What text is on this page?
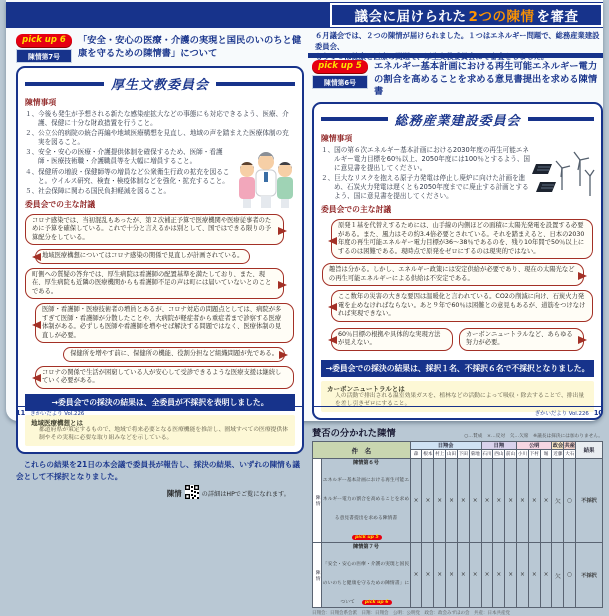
議会に届けられた 2つの陳情 を審査
６月議会では、２つの陳情が届けられました。１つはエネルギー問題で、総務産業建設委員会、
pick up 6
陳情第7号
「安全・安心の医療・介護の実現と国民のいのちと健康を守るための陳情書」について
厚生文教委員会
陳情事項
１、今後も発生が予想される新たな感染症拡大などの事態にも対応できるよう、医療、介護、保健に十分な財政措置を行うこと。
２、公立公的病院の統合再編や地域医療構想を見直し、地域の声を踏まえた医療体制の充実を図ること。
３、安全・安心の医療・介護提供体制を確保するため、医師・看護師・医療技術職・介護職員等を大幅に増員すること。
４、保健所の増設・保健師等の増員など公衆衛生行政の拡充を図ること。ウイルス研究、検査・検疫体制などを強化・拡充すること。
５、社会保障に関わる国民負担軽減を図ること。
委員会での主な討議
コロナ感染では、当初混乱もあったが、第２次補正予算で医療機関や医療従事者のために予算を確保している。これで十分と言えるかは別として、国ではできる限りの予算配分をしている。
地域医療構想についてはコロナ感染の関係で見直しが計画されている。
町側への質疑の答弁では、厚生病院は看護師の配置基準を満たしており、また、現在、厚生病院も近隣の医療機関からも看護師不足の声は町には届いていないとのことである。
医師・看護師・医療技術者の増員とあるが、コロナ対応の問題点としては、病院が多すぎて医師・看護師が分散したことや、大病院が軽症者から重症者まで診察する医療体制がある。必ずしも医師や看護師を増やせば解決する問題ではなく、医療体制の見直しが必要。
保健所を増やす前に、保健所の機能、役割分担など組織問題が先である。
コロナの関係で生活が困窮している人が安心して受診できるような医療支援は継続していく必要がある。
→委員会での採決の結果は、全委員が不採択を表明しました。
地域医療構想とは
都道府県が策定するもので、地域で将来必要となる医療機能を推計し、圏域すべての医療提供体制やその実現に必要な取り組みなどを示している。
これらの結果を21日の本会議で委員長が報告し、採決の結果、いずれの陳情も議会として不採択となりました。
陳情	の詳細はHPでご覧になれます。
pick up 5
陳情第6号
エネルギー基本計画における再生可能エネルギー電力の割合を高めることを求める意見書提出を求める陳情書
総務産業建設委員会
陳情事項
１、国の第６次エネルギー基本計画における2030年度の再生可能エネルギー電力目標を60％以上、2050年度には100％とするよう、国に意見書を提出してください。
２、巨大なリスクを抱える原子力発電は停止し廃炉に向けた計画を進め、石炭火力発電は遅くとも2050年度までに廃止する計画とするよう、国に意見書を提出してください。
委員会での主な討議
原発１基を代替えするためには、山手線の内側ほどの面積に太陽光発電を設置する必要がある。また、風力はその約3.4倍必要とされている。それを踏まえると、日本の2030年度の再生可能エネルギー電力目標が36～38％であるのを、残り10年間で50％以上にするのは困難である。現時点で原発をゼロにするのは現実的ではない。
趣旨は分かる。しかし、エネルギー政策には安定供給が必要であり、現在の太陽光などの再生可能エネルギーによる供給は不安定である。
ここ数年の災害の大きな要因は温暖化と言われている。CO2の削減に向け、石炭火力発電を止めなければならない。あと９年で60％は困難との意見もあるが、道筋をつけなければ実現できない。
60％目標の根拠や具体的な実現方法が見えない。
カーボンニュートラルなど、あらゆる努力が必要。
→委員会での採決の結果は、採択１名、不採択６名で不採択となりました。
カーボンニュートラルとは
人の活動で排出される温室効果ガスを、植林などの活動によって吸収・除去することで、排出量を差し引きゼロにすること。
賛否の分かれた陳情	○…賛成　×…反対　欠…欠席　※議長は採決には加わりません。
件　名		日翔会						日翔			公明			政会	共産	結果
		森	根本	村上	山田	下田	菊地	石川	西山	前山	小川	下村	堀	近藤	大石	
陳情	陳情第６号
エネルギー基本計画における再生可能エネルギー電力の割合を高めることを求める意見書提出を求める陳情書 pick up 5	×	×	×	×	×	×	×	×	×	×	×	×	欠	○	不採択
陳情	陳情第７号
「安全・安心の医療・介護の実現と国民のいのちと健康を守るための陳情書」について pick up 6	×	×	×	×	×	×	×	×	×	×	×	×	欠	○	不採択
日翔会：日翔会系会派　日翔：日翔会　公明：公明党　政会：政会みずほの会　共産：日本共産党
11 ぎかいだより Vol.226	ぎかいだより Vol.226 10
